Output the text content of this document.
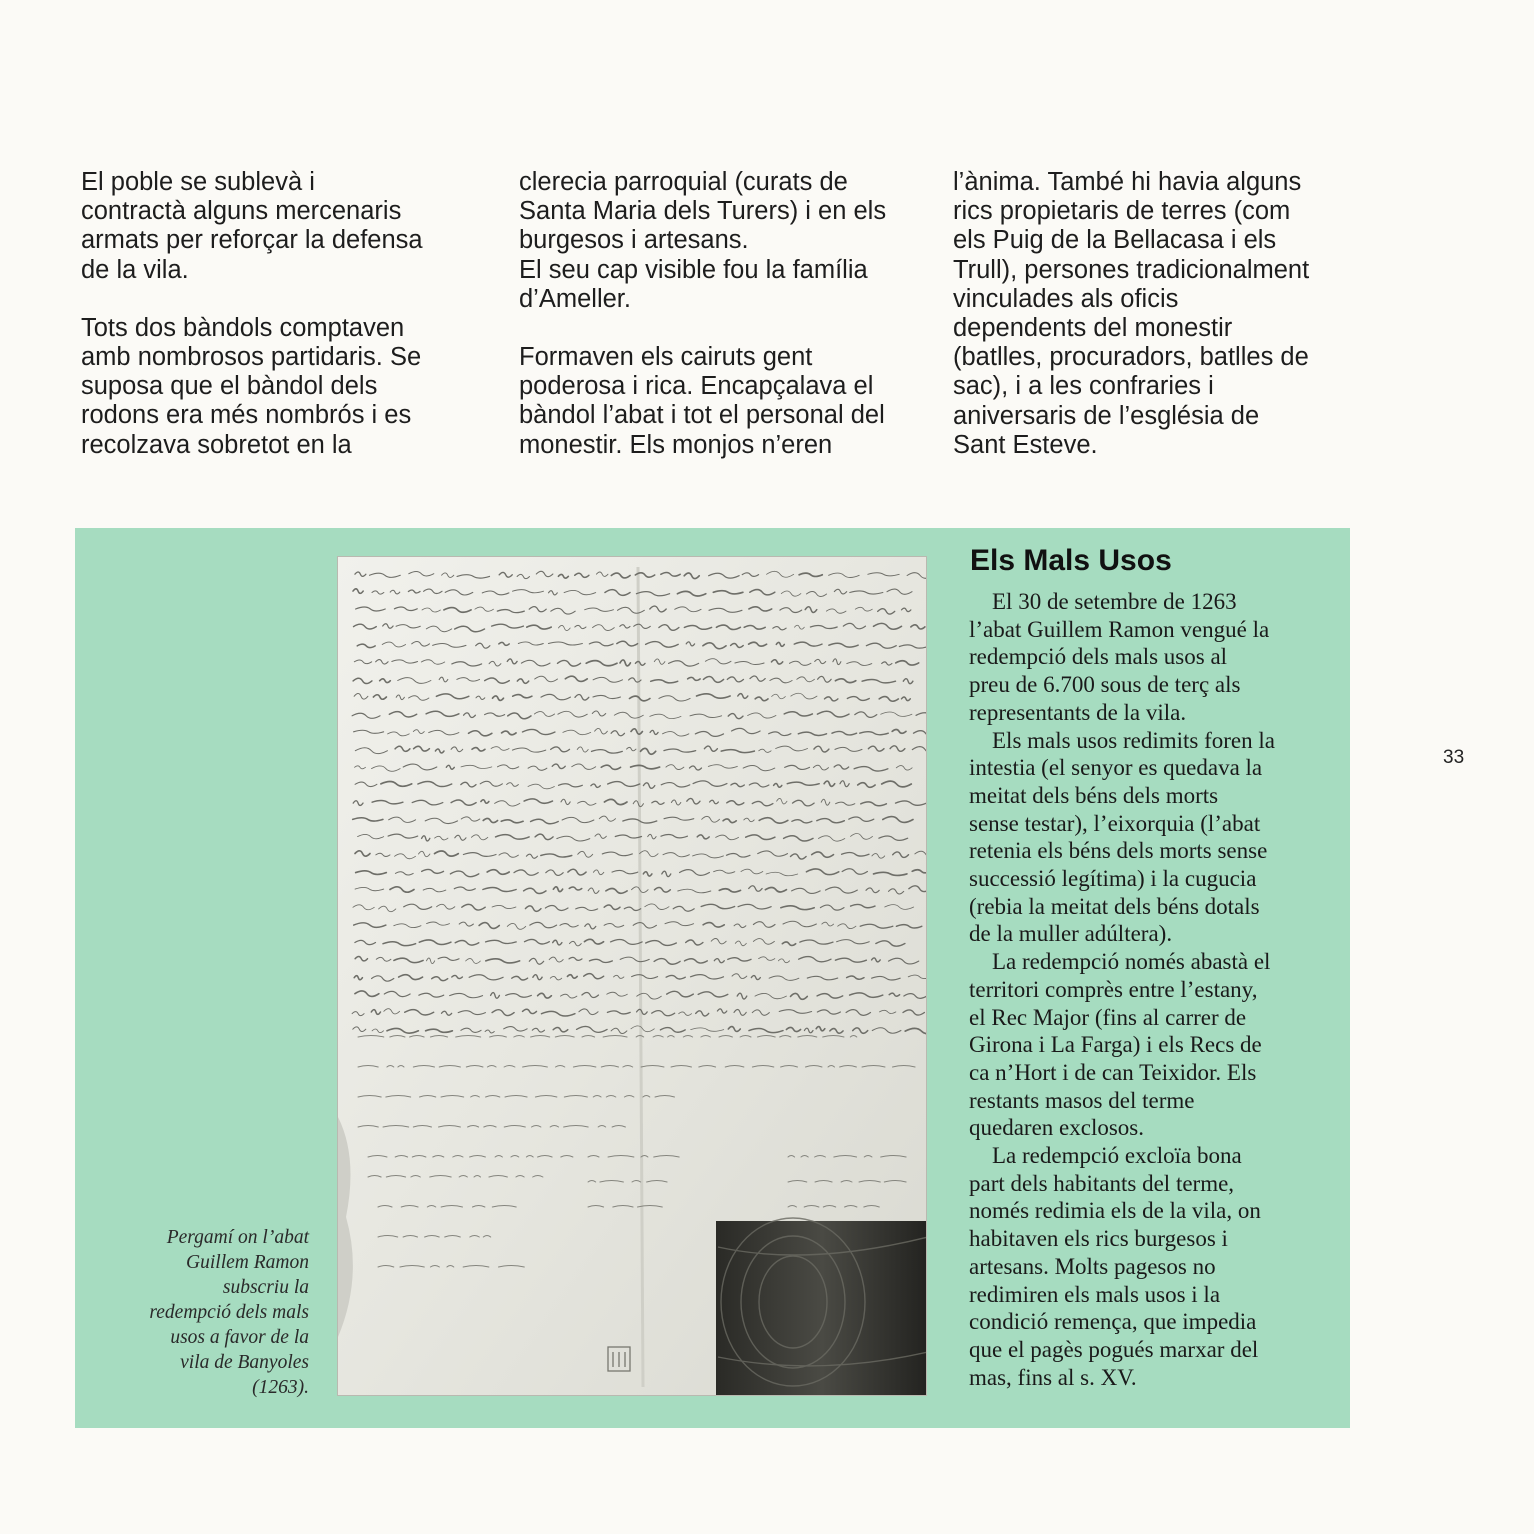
El poble se sublevà i
contractà alguns mercenaris
armats per reforçar la defensa
de la vila.

Tots dos bàndols comptaven
amb nombrosos partidaris. Se
suposa que el bàndol dels
rodons era més nombrós i es
recolzava sobretot en la

clerecia parroquial (curats de
Santa Maria dels Turers) i en els
burgesos i artesans.
El seu cap visible fou la família
d’Ameller.

Formaven els cairuts gent
poderosa i rica. Encapçalava el
bàndol l’abat i tot el personal del
monestir. Els monjos n’eren

l’ànima. També hi havia alguns
rics propietaris de terres (com
els Puig de la Bellacasa i els
Trull), persones tradicionalment
vinculades als oficis
dependents del monestir
(batlles, procuradors, batlles de
sac), i a les confraries i
aniversaris de l’església de
Sant Esteve.

Pergamí on l’abat
Guillem Ramon
subscriu la
redempció dels mals
usos a favor de la
vila de Banyoles
(1263).
Els Mals Usos

El 30 de setembre de 1263
l’abat Guillem Ramon vengué la
redempció dels mals usos al
preu de 6.700 sous de terç als
representants de la vila.

Els mals usos redimits foren la
intestia (el senyor es quedava la
meitat dels béns dels morts
sense testar), l’eixorquia (l’abat
retenia els béns dels morts sense
successió legítima) i la cugucia
(rebia la meitat dels béns dotals
de la muller adúltera).

La redempció només abastà el
territori comprès entre l’estany,
el Rec Major (fins al carrer de
Girona i La Farga) i els Recs de
ca n’Hort i de can Teixidor. Els
restants masos del terme
quedaren exclosos.

La redempció excloïa bona
part dels habitants del terme,
només redimia els de la vila, on
habitaven els rics burgesos i
artesans. Molts pagesos no
redimiren els mals usos i la
condició remença, que impedia
que el pagès pogués marxar del
mas, fins al s. XV.

33
